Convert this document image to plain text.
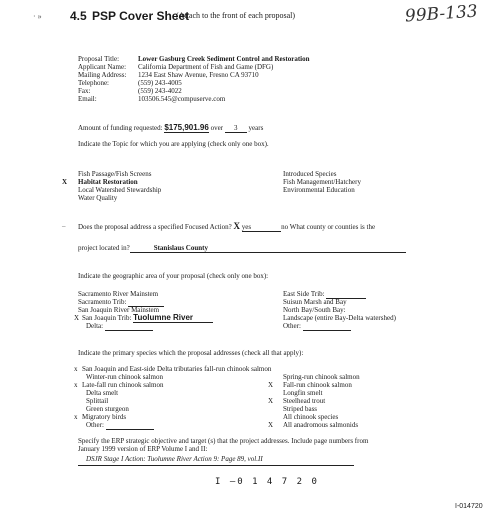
· » 4.5 PSP Cover Sheet
(Attach to the front of each proposal)	99B-133
Proposal Title:	Lower Gasburg Creek Sediment Control and Restoration
Applicant Name: California Department of Fish and Game (DFG)
Mailing Address: 1234 East Shaw Avenue, Fresno CA 93710
Telephone:	(559) 243-4005
Fax:	(559) 243-4022
Email:	103506.545@compuserve.com
Amount of funding requested: $175,901.96 over 3 years
Indicate the Topic for which you are applying (check only one box).
Fish Passage/Fish Screens
X Habitat Restoration
Local Watershed Stewardship
Water Quality
Introduced Species
Fish Management/Hatchery
Environmental Education
– Does the proposal address a specified Focused Action? X yes	no What county or counties is the
project located in?	Stanislaus County
Indicate the geographic area of your proposal (check only one box):
Sacramento River Mainstem
Sacramento Trib:
San Joaquin River Mainstem
X San Joaquin Trib: Tuolumne River
Delta:
East Side Trib:
Suisun Marsh and Bay
North Bay/South Bay:
Landscape (entire Bay-Delta watershed)
Other:
Indicate the primary species which the proposal addresses (check all that apply):
x San Joaquin and East-side Delta tributaries fall-run chinook salmon
Winter-run chinook salmon
x Late-fall run chinook salmon
Delta smelt
Splittail
Green sturgeon
x Migratory birds
Other:
Spring-run chinook salmon
X Fall-run chinook salmon
Longfin smelt
X Steelhead trout
Striped bass
All chinook species
X All anadromous salmonids
Specify the ERP strategic objective and target (s) that the project addresses. Include page numbers from
January 1999 version of ERP Volume I and II:
DSJR Stage I Action: Tuolumne River Action 9: Page 89, vol.II
I —0 1 4 7 2 0
I-014720
